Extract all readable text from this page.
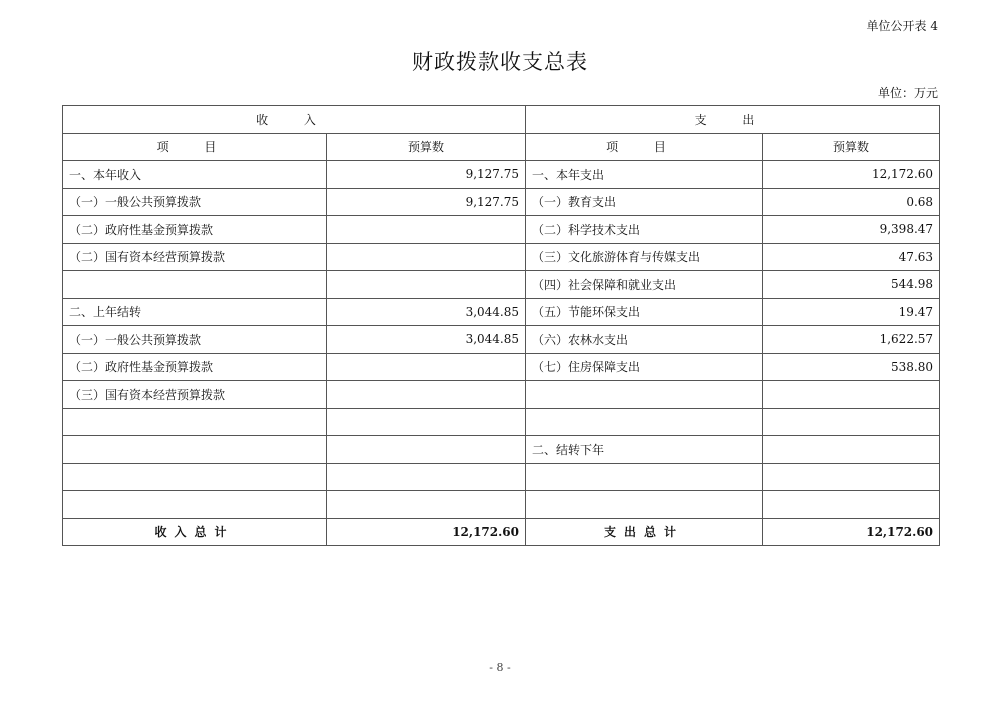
单位公开表 4
财政拨款收支总表
单位：万元
收 入		支 出	
项 目	预算数	项 目	预算数
一、本年收入	9,127.75	一、本年支出	12,172.60
（一）一般公共预算拨款	9,127.75	（一）教育支出	0.68
（二）政府性基金预算拨款		（二）科学技术支出	9,398.47
（二）国有资本经营预算拨款		（三）文化旅游体育与传媒支出	47.63
		（四）社会保障和就业支出	544.98
二、上年结转	3,044.85	（五）节能环保支出	19.47
（一）一般公共预算拨款	3,044.85	（六）农林水支出	1,622.57
（二）政府性基金预算拨款		（七）住房保障支出	538.80
（三）国有资本经营预算拨款			

		二、结转下年	

收入总计	12,172.60	支出总计	12,172.60
- 8 -
